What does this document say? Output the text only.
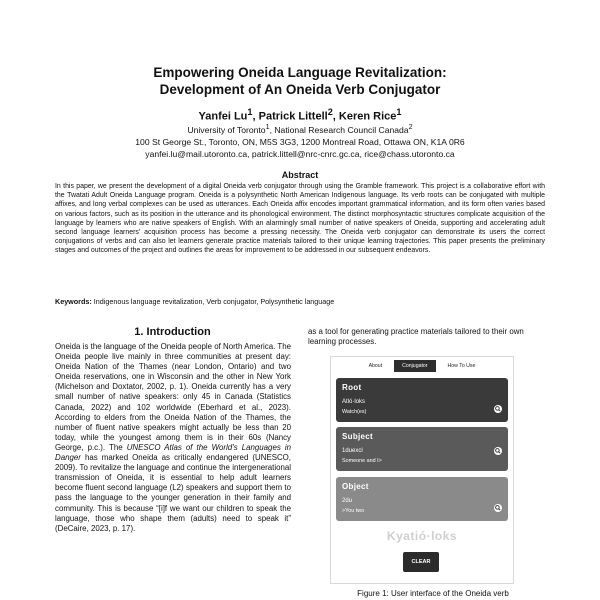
Empowering Oneida Language Revitalization:
Development of An Oneida Verb Conjugator
Yanfei Lu$^1$, Patrick Littell$^2$, Keren Rice$^1$
University of Toronto$^1$, National Research Council Canada$^2$
100 St George St., Toronto, ON, M5S 3G3, 1200 Montreal Road, Ottawa ON, K1A 0R6
yanfei.lu@mail.utoronto.ca, patrick.littell@nrc-cnrc.gc.ca, rice@chass.utoronto.ca
Abstract
In this paper, we present the development of a digital Oneida verb conjugator through using the Gramble framework. This project is a collaborative effort with the Twatati Adult Oneida Language program. Oneida is a polysynthetic North American Indigenous language. Its verb roots can be conjugated with multiple affixes, and long verbal complexes can be used as utterances. Each Oneida affix encodes important grammatical information, and its form often varies based on various factors, such as its position in the utterance and its phonological environment. The distinct morphosyntactic structures complicate acquisition of the language by learners who are native speakers of English. With an alarmingly small number of native speakers of Oneida, supporting and accelerating adult second language learners' acquisition process has become a pressing necessity. The Oneida verb conjugator can demonstrate its users the correct conjugations of verbs and can also let learners generate practice materials tailored to their unique learning trajectories. This paper presents the preliminary stages and outcomes of the project and outlines the areas for improvement to be addressed in our subsequent endeavors.
Keywords: Indigenous language revitalization, Verb conjugator, Polysynthetic language
1. Introduction
Oneida is the language of the Oneida people of North America. The Oneida people live mainly in three communities at present day: Oneida Nation of the Thames (near London, Ontario) and two Oneida reservations, one in Wisconsin and the other in New York (Michelson and Doxtator, 2002, p. 1). Oneida currently has a very small number of native speakers: only 45 in Canada (Statistics Canada, 2022) and 102 worldwide (Eberhard et al., 2023). According to elders from the Oneida Nation of the Thames, the number of fluent native speakers might actually be less than 20 today, while the youngest among them is in their 60s (Nancy George, p.c.). The UNESCO Atlas of the World's Languages in Danger has marked Oneida as critically endangered (UNESCO, 2009). To revitalize the language and continue the intergenerational transmission of Oneida, it is essential to help adult learners become fluent second language (L2) speakers and support them to pass the language to the younger generation in their family and community. This is because “[i]f we want our children to speak the language, those who shape them (adults) need to speak it” (DeCaire, 2023, p. 17).
as a tool for generating practice materials tailored to their own learning processes.
About	Conjugator	How To Use
Root
Atló·loks
Watch(es)
Subject
1duexcl
Someone and I>
Object
2du
>You two
Kyatió·loks
CLEAR
Figure 1: User interface of the Oneida verb
